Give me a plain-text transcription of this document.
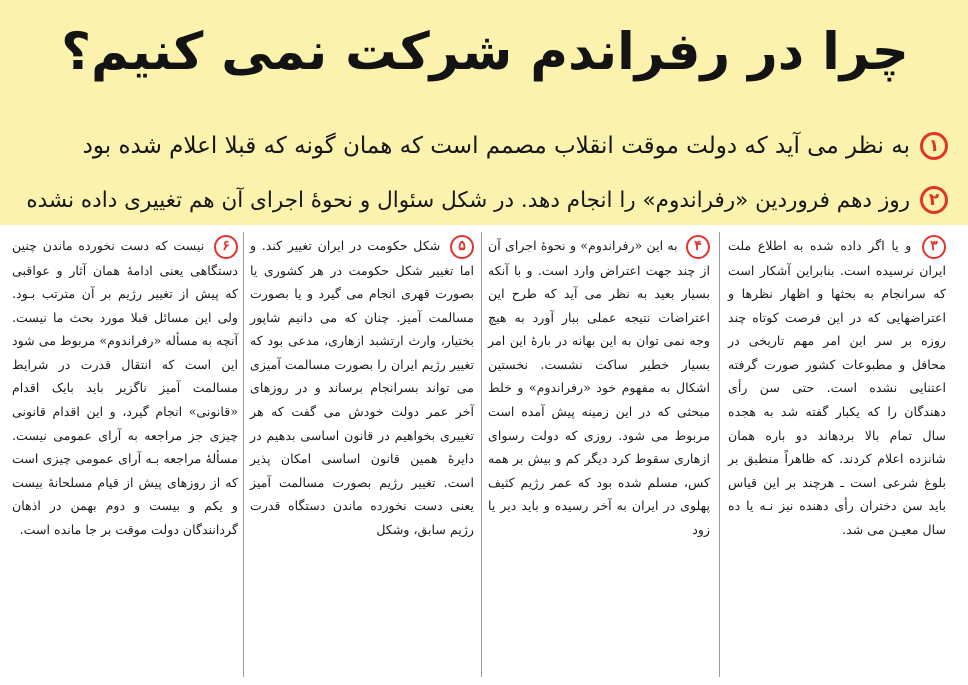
چرا در رفراندم شرکت نمی کنیم؟
۱
به نظر می آید که دولت موقت انقلاب مصمم است که همان گونه که قبلا اعلام شده بود
۲
روز دهم فروردین «رفراندوم» را انجام دهد. در شکل سئوال و نحوهٔ اجرای آن هم تغییری داده نشده
۳ و یا اگر داده شده به اطلاع ملت ایران نرسیده است. بنابراین آشکار است که سرانجام به بحثها و اظهار نظرها و اعتراضهایی که در این فرصت کوتاه چند روزه بر سر این امر مهم تاریخی در محافل و مطبوعات کشور صورت گرفته اعتنایی نشده است. حتی سن رأی دهندگان را که یکبار گفته شد به هجده سال تمام بالا بردهاند دو باره همان شانزده اعلام کردند. که ظاهراً منطبق بر بلوغ شرعی است ـ هرچند بر این قیاس باید سن دختران رأی دهنده نیز نـه یا ده سال معیـن می شد.
۴ به این «رفراندوم» و نحوهٔ اجرای آن از چند جهت اعتراض وارد است. و با آنکه بسیار بعید به نظر می آید که طرح این اعتراضات نتیجه عملی ببار آورد به هیچ وجه نمی توان به این بهانه در بارهٔ این امر بسیار خطیر ساکت نشست. نخستین اشکال به مفهوم خود «رفراندوم» و خلط مبحثی که در این زمینه پیش آمده است مربوط می شود. روزی که دولت رسوای ازهاری سقوط کرد دیگر کم و بیش بر همه کس، مسلم شده بود که عمر رژیم کثیف پهلوی در ایران به آخر رسیده و باید دیر یا زود
۵ شکل حکومت در ایران تغییر کند. و اما تغییر شکل حکومت در هر کشوری یا بصورت قهری انجام می گیرد و یا بصورت مسالمت آمیز. چنان که می دانیم شاپور بختیار، وارث ارتشبد ازهاری، مدعی بود که تغییر رژیم ایران را بصورت مسالمت آمیزی می تواند بسرانجام برساند و در روزهای آخر عمر دولت خودش می گفت که هر تغییری بخواهیم در قانون اساسی بدهیم در دایرهٔ همین قانون اساسی امکان پذیر است. تغییر رژیم بصورت مسالمت آمیز یعنی دست نخورده ماندن دستگاه قدرت رژیم سابق، وشکل
۶ نیست که دست نخورده ماندن چنین دستگاهی یعنی ادامهٔ همان آثار و عواقبی که پیش از تغییر رژیم بر آن مترتب بـود. ولی این مسائل قبلا مورد بحث ما نیست. آنچه به مسأله «رفراندوم» مربوط می شود این است که انتقال قدرت در شرایط مسالمت آمیز ناگزیر باید بایک اقدام «قانونی» انجام گیرد، و این اقدام قانونی چیزی جز مراجعه به آرای عمومی نیست. مسألهٔ مراجعه بـه آرای عمومی چیزی است که از روزهای پیش از قیام مسلحانهٔ بیست و یکم و بیست و دوم بهمن در اذهان گردانندگان دولت موقت بر جا مانده است.
